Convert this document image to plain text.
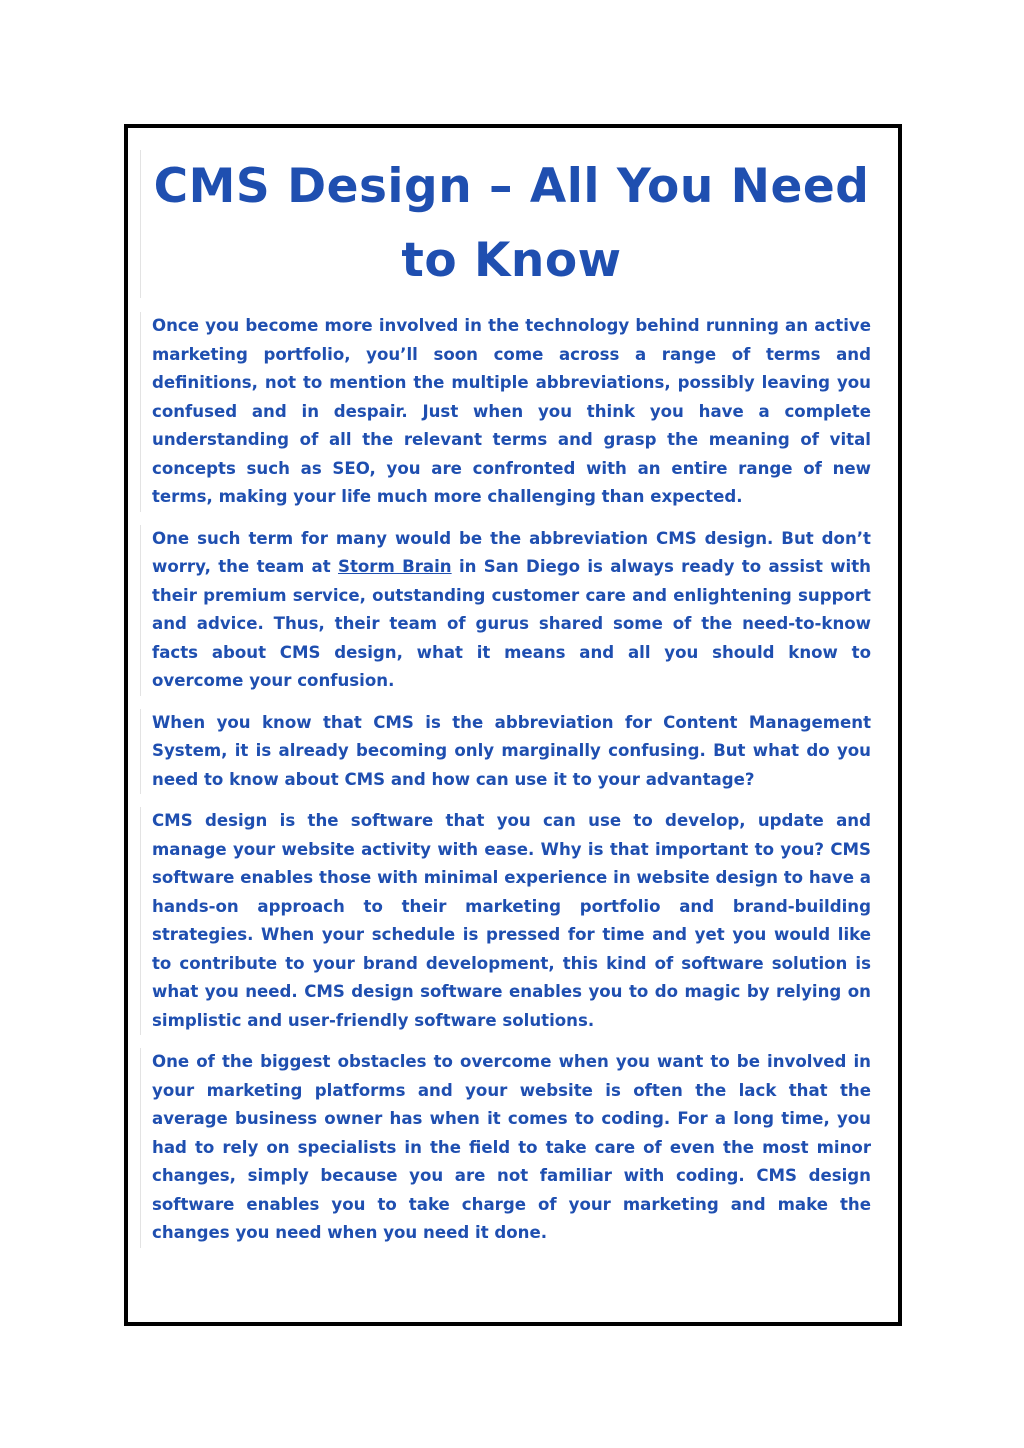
CMS Design – All You Need to Know

Once you become more involved in the technology behind running an active marketing portfolio, you’ll soon come across a range of terms and definitions, not to mention the multiple abbreviations, possibly leaving you confused and in despair. Just when you think you have a complete understanding of all the relevant terms and grasp the meaning of vital concepts such as SEO, you are confronted with an entire range of new terms, making your life much more challenging than expected.

One such term for many would be the abbreviation CMS design. But don’t worry, the team at Storm Brain in San Diego is always ready to assist with their premium service, outstanding customer care and enlightening support and advice. Thus, their team of gurus shared some of the need-to-know facts about CMS design, what it means and all you should know to overcome your confusion.

When you know that CMS is the abbreviation for Content Management System, it is already becoming only marginally confusing. But what do you need to know about CMS and how can use it to your advantage?

CMS design is the software that you can use to develop, update and manage your website activity with ease. Why is that important to you? CMS software enables those with minimal experience in website design to have a hands-on approach to their marketing portfolio and brand-building strategies. When your schedule is pressed for time and yet you would like to contribute to your brand development, this kind of software solution is what you need. CMS design software enables you to do magic by relying on simplistic and user-friendly software solutions.

One of the biggest obstacles to overcome when you want to be involved in your marketing platforms and your website is often the lack that the average business owner has when it comes to coding. For a long time, you had to rely on specialists in the field to take care of even the most minor changes, simply because you are not familiar with coding. CMS design software enables you to take charge of your marketing and make the changes you need when you need it done.
